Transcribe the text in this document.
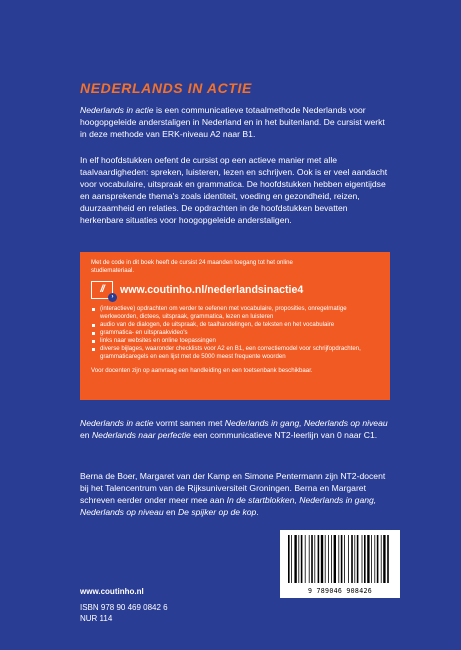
NEDERLANDS IN ACTIE

Nederlands in actie is een communicatieve totaalmethode Nederlands voor hoogopgeleide anderstaligen in Nederland en in het buitenland. De cursist werkt in deze methode van ERK-niveau A2 naar B1.

In elf hoofdstukken oefent de cursist op een actieve manier met alle taalvaardigheden: spreken, luisteren, lezen en schrijven. Ook is er veel aandacht voor vocabulaire, uitspraak en grammatica. De hoofdstukken hebben eigentijdse en aansprekende thema's zoals identiteit, voeding en gezondheid, reizen, duurzaamheid en relaties. De opdrachten in de hoofdstukken bevatten herkenbare situaties voor hoogopgeleide anderstaligen.

Met de code in dit boek heeft de cursist 24 maanden toegang tot het online studiemateriaal.

//
›
www.coutinho.nl/nederlandsinactie4
(interactieve) opdrachten om verder te oefenen met vocabulaire, proposities, onregelmatige werkwoorden, dictees, uitspraak, grammatica, lezen en luisteren
audio van de dialogen, de uitspraak, de taalhandelingen, de teksten en het vocabulaire
grammatica- en uitspraakvideo's
links naar websites en online toepassingen
diverse bijlages, waaronder checklists voor A2 en B1, een correctiemodel voor schrijfopdrachten, grammaticaregels en een lijst met de 5000 meest frequente woorden

Voor docenten zijn op aanvraag een handleiding en een toetsenbank beschikbaar.

Nederlands in actie vormt samen met Nederlands in gang, Nederlands op niveau en Nederlands naar perfectie een communicatieve NT2-leerlijn van 0 naar C1.

Berna de Boer, Margaret van der Kamp en Simone Pentermann zijn NT2-docent bij het Talencentrum van de Rijksuniversiteit Groningen. Berna en Margaret schreven eerder onder meer mee aan In de startblokken, Nederlands in gang, Nederlands op niveau en De spijker op de kop.

www.coutinho.nl
ISBN 978 90 469 0842 6
NUR 114
9 789046 908426
